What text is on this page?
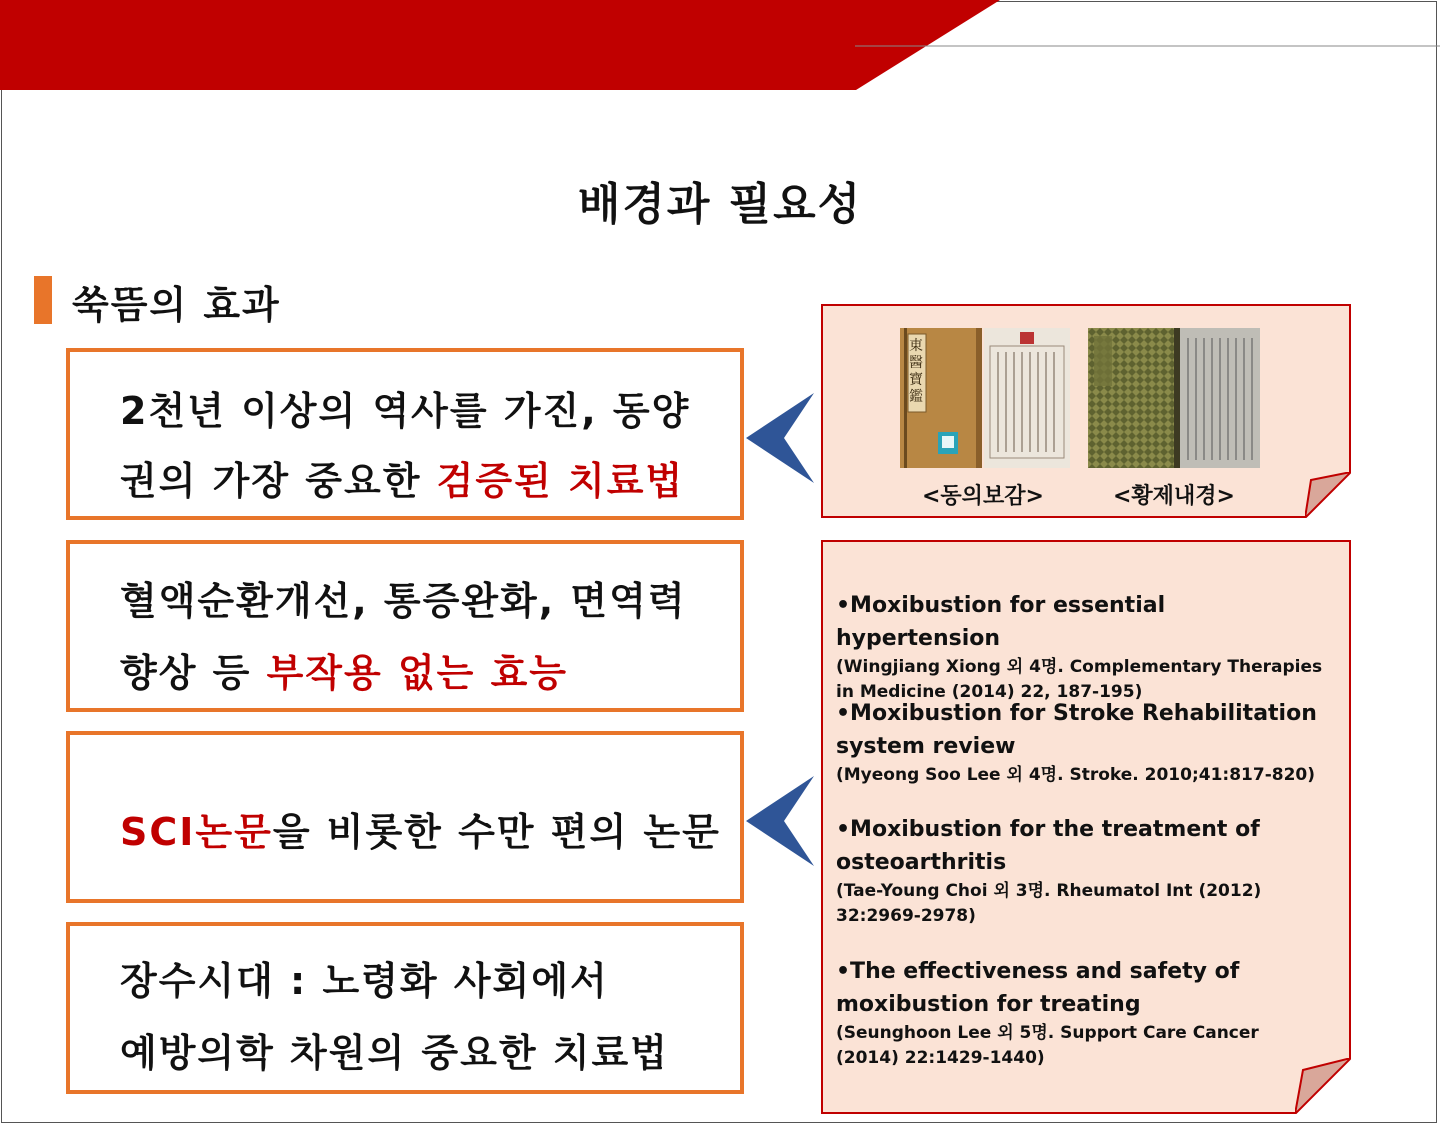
배경과 필요성
쑥뜸의 효과
2천년 이상의 역사를 가진, 동양
권의 가장 중요한 검증된 치료법
혈액순환개선, 통증완화, 면역력
향상 등 부작용 없는 효능
SCI논문을 비롯한 수만 편의 논문
장수시대 : 노령화 사회에서
예방의학 차원의 중요한 치료법
東醫寶鑑
<동의보감>	<황제내경>
•Moxibustion for essential hypertension
(Wingjiang Xiong 외 4명. Complementary Therapies in Medicine (2014) 22, 187-195)
•Moxibustion for Stroke Rehabilitation system review
(Myeong Soo Lee 외 4명. Stroke. 2010;41:817-820)
•Moxibustion for the treatment of osteoarthritis
(Tae-Young Choi 외 3명. Rheumatol Int (2012) 32:2969-2978)
•The effectiveness and safety of moxibustion for treating
(Seunghoon Lee 외 5명. Support Care Cancer (2014) 22:1429-1440)
